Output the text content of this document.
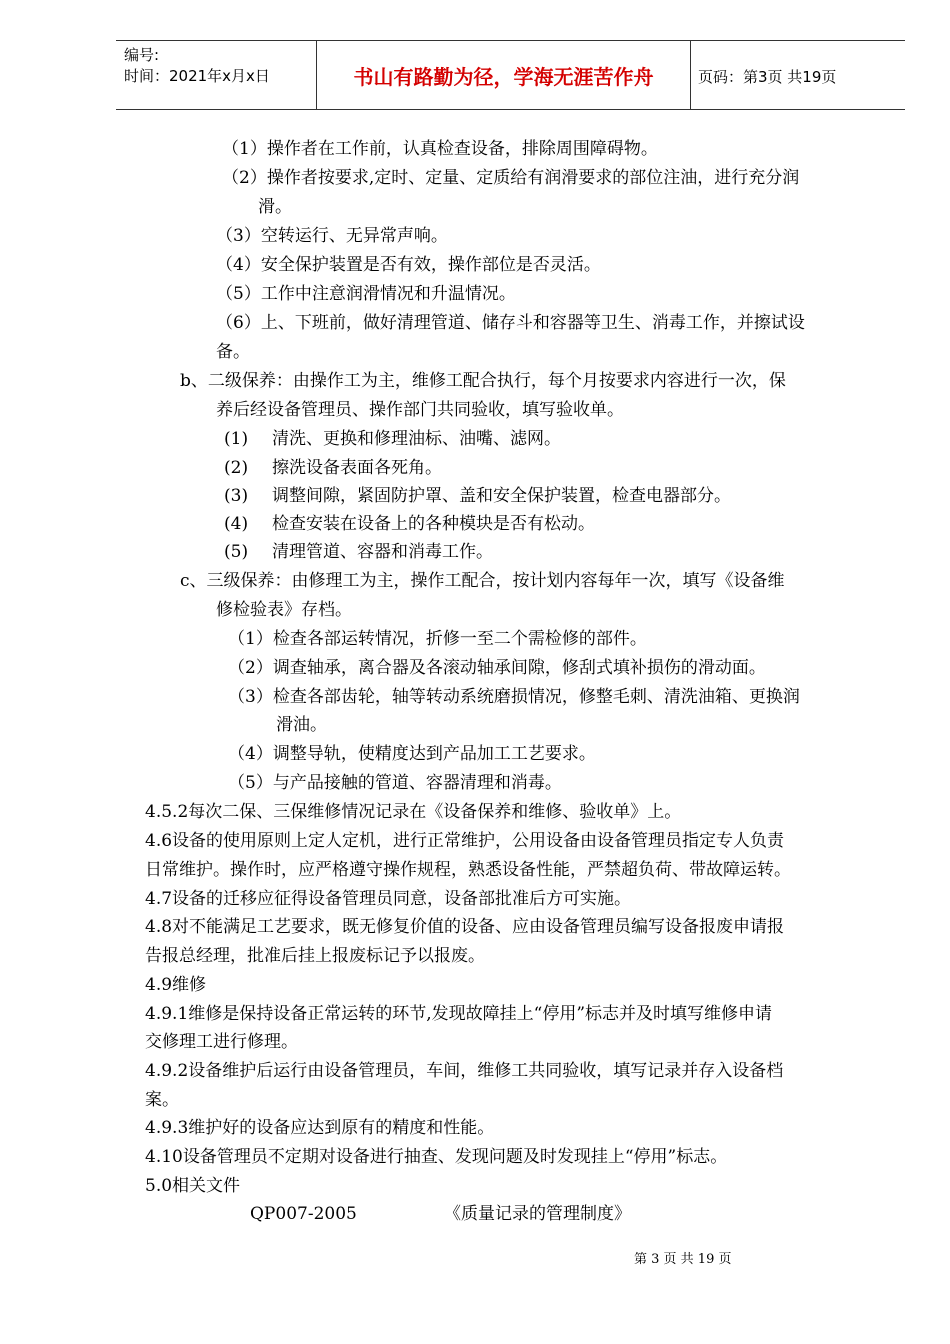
编号:
时间：2021年x月x日	书山有路勤为径，学海无涯苦作舟	页码：第3页 共19页
（1）操作者在工作前，认真检查设备，排除周围障碍物。
（2）操作者按要求,定时、定量、定质给有润滑要求的部位注油，进行充分润
滑。
（3）空转运行、无异常声响。
（4）安全保护装置是否有效，操作部位是否灵活。
（5）工作中注意润滑情况和升温情况。
（6）上、下班前，做好清理管道、储存斗和容器等卫生、消毒工作，并擦试设
备。
b、二级保养：由操作工为主，维修工配合执行，每个月按要求内容进行一次，保
养后经设备管理员、操作部门共同验收，填写验收单。
(1) 清洗、更换和修理油标、油嘴、滤网。
(2) 擦洗设备表面各死角。
(3) 调整间隙，紧固防护罩、盖和安全保护装置，检查电器部分。
(4) 检查安装在设备上的各种模块是否有松动。
(5) 清理管道、容器和消毒工作。
c、三级保养：由修理工为主，操作工配合，按计划内容每年一次，填写《设备维
修检验表》存档。
（1）检查各部运转情况，折修一至二个需检修的部件。
（2）调查轴承，离合器及各滚动轴承间隙，修刮式填补损伤的滑动面。
（3）检查各部齿轮，轴等转动系统磨损情况，修整毛刺、清洗油箱、更换润
滑油。
（4）调整导轨，使精度达到产品加工工艺要求。
（5）与产品接触的管道、容器清理和消毒。
4.5.2每次二保、三保维修情况记录在《设备保养和维修、验收单》上。
4.6设备的使用原则上定人定机，进行正常维护，公用设备由设备管理员指定专人负责
日常维护。操作时，应严格遵守操作规程，熟悉设备性能，严禁超负荷、带故障运转。
4.7设备的迁移应征得设备管理员同意，设备部批准后方可实施。
4.8对不能满足工艺要求，既无修复价值的设备、应由设备管理员编写设备报废申请报
告报总经理，批准后挂上报废标记予以报废。
4.9维修
4.9.1维修是保持设备正常运转的环节,发现故障挂上“停用”标志并及时填写维修申请
交修理工进行修理。
4.9.2设备维护后运行由设备管理员，车间，维修工共同验收，填写记录并存入设备档
案。
4.9.3维护好的设备应达到原有的精度和性能。
4.10设备管理员不定期对设备进行抽查、发现问题及时发现挂上“停用”标志。
5.0相关文件
QP007-2005	《质量记录的管理制度》
第 3 页 共 19 页
